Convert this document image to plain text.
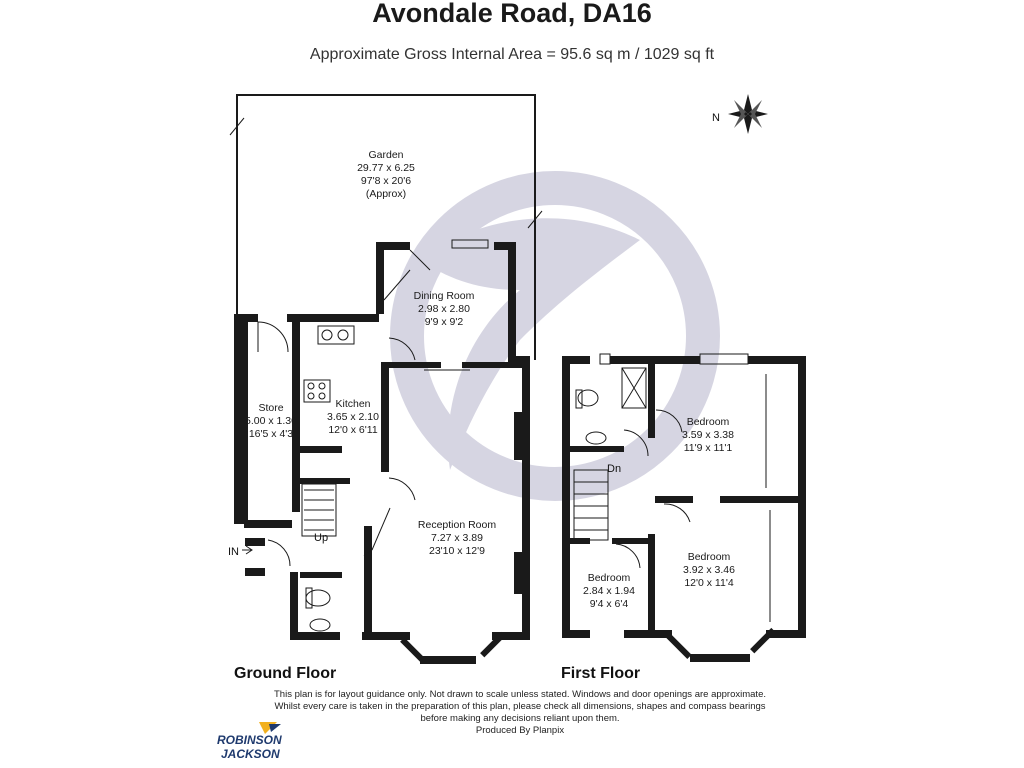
Avondale Road, DA16
Approximate Gross Internal Area = 95.6 sq m / 1029 sq ft
N
Garden
29.77 x 6.25
97'8 x 20'6
(Approx)
Dining Room
2.98 x 2.80
9'9 x 9'2
Kitchen
3.65 x 2.10
12'0 x 6'11
Store
5.00 x 1.30
16'5 x 4'3
Reception Room
7.27 x 3.89
23'10 x 12'9
Bedroom
3.59 x 3.38
11'9 x 11'1
Bedroom
3.92 x 3.46
12'0 x 11'4
Bedroom
2.84 x 1.94
9'4 x 6'4
IN
Up
Dn
Ground Floor	First Floor
This plan is for layout guidance only. Not drawn to scale unless stated. Windows and door openings are approximate. Whilst every care is taken in the preparation of this plan, please check all dimensions, shapes and compass bearings before making any decisions reliant upon them.
Produced By Planpix
ROBINSON
JACKSON
